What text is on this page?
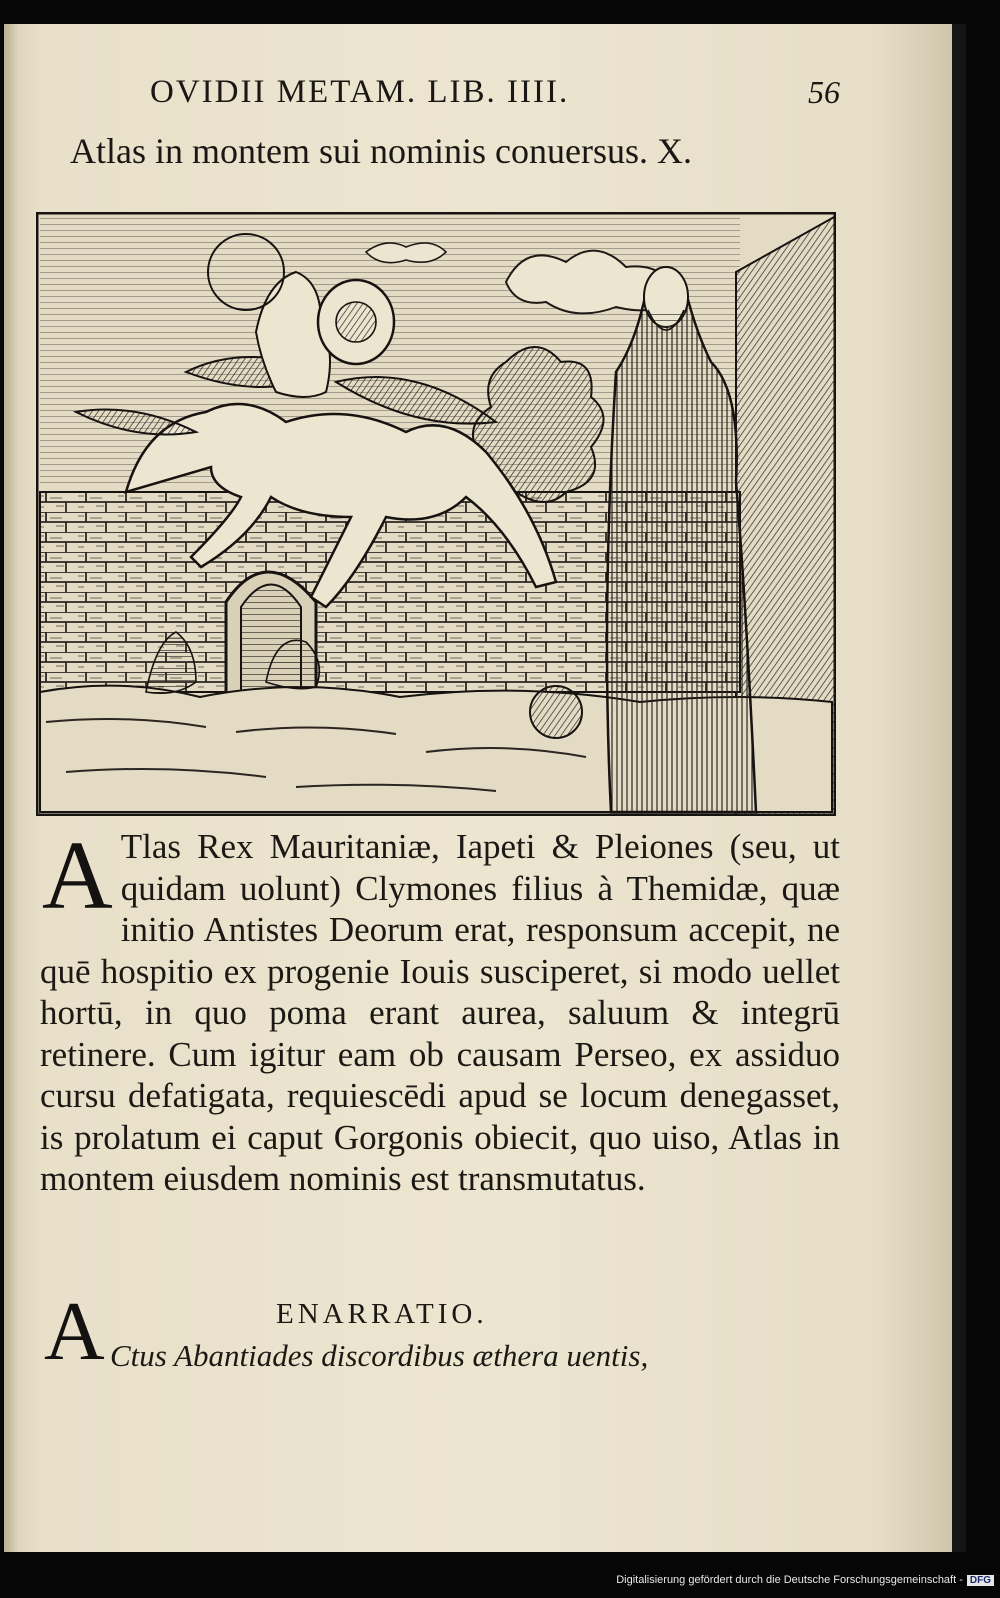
OVIDII METAM. LIB. IIII.	56
Atlas in montem sui nominis conuersus. X.
A Tlas Rex Mauritaniæ, Iapeti & Pleiones (seu, ut quidam uolunt) Clymones filius à Themidæ, quæ initio Antistes Deorum erat, responsum accepit, ne quē hospitio ex progenie Iouis susciperet, si modo uellet hortū, in quo poma erant aurea, saluum & integrū retinere. Cum igitur eam ob causam Perseo, ex assiduo cursu defatigata, requiescēdi apud se locum denegasset, is prolatum ei caput Gorgonis obiecit, quo uiso, Atlas in montem eiusdem nominis est transmutatus.
A	ENARRATIO.
Ctus Abantiades discordibus æthera uentis,
Digitalisierung gefördert durch die Deutsche Forschungsgemeinschaft - DFG
